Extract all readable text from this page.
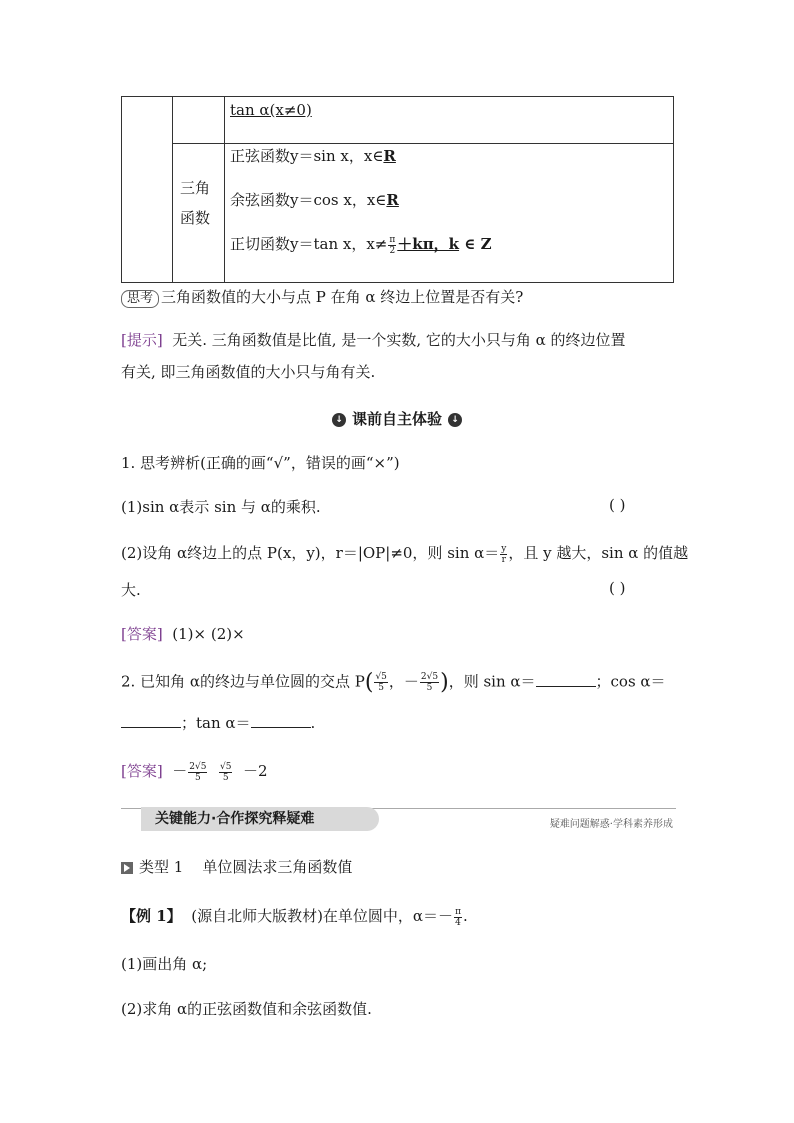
tan α(x≠0)
三角
函数
正弦函数y＝sin x，x∈R
余弦函数y＝cos x，x∈R
正切函数y＝tan x，$x\ne \frac{\pi}{2} +k\pi$，k ∈ Z
思考 三角函数值的大小与点 P 在角 α 终边上位置是否有关?
[提示] 无关. 三角函数值是比值, 是一个实数, 它的大小只与角 α 的终边位置
有关, 即三角函数值的大小只与角有关.
↓ 课前自主体验 ↓
1. 思考辨析(正确的画“√”，错误的画“×”)
(1)sin α表示 sin 与 α的乘积.	( )
(2)设角 α终边上的点 P(x，y)，r＝|OP|≠0，则 $\sin \alpha= \frac{y}{r}$ ，且 y 越大，sin α 的值越
大.	( )
[答案] (1)× (2)×
2. 已知角 α的终边与单位圆的交点 $P( \frac{√5}{5}$ ，－ $\frac{2√5}{5}$ )，则 sin α＝	；cos α＝
；tan α＝	.
[答案] － $\frac{2√5}{5}$
$\frac{√5}{5} -2$
关键能力·合作探究释疑难	疑难问题解惑·学科素养形成
类型 1 单位圆法求三角函数值
【例 1】 (源自北师大版教材)在单位圆中，$\alpha=- \frac{\pi}{4}$ .
(1)画出角 α;
(2)求角 α的正弦函数值和余弦函数值.
